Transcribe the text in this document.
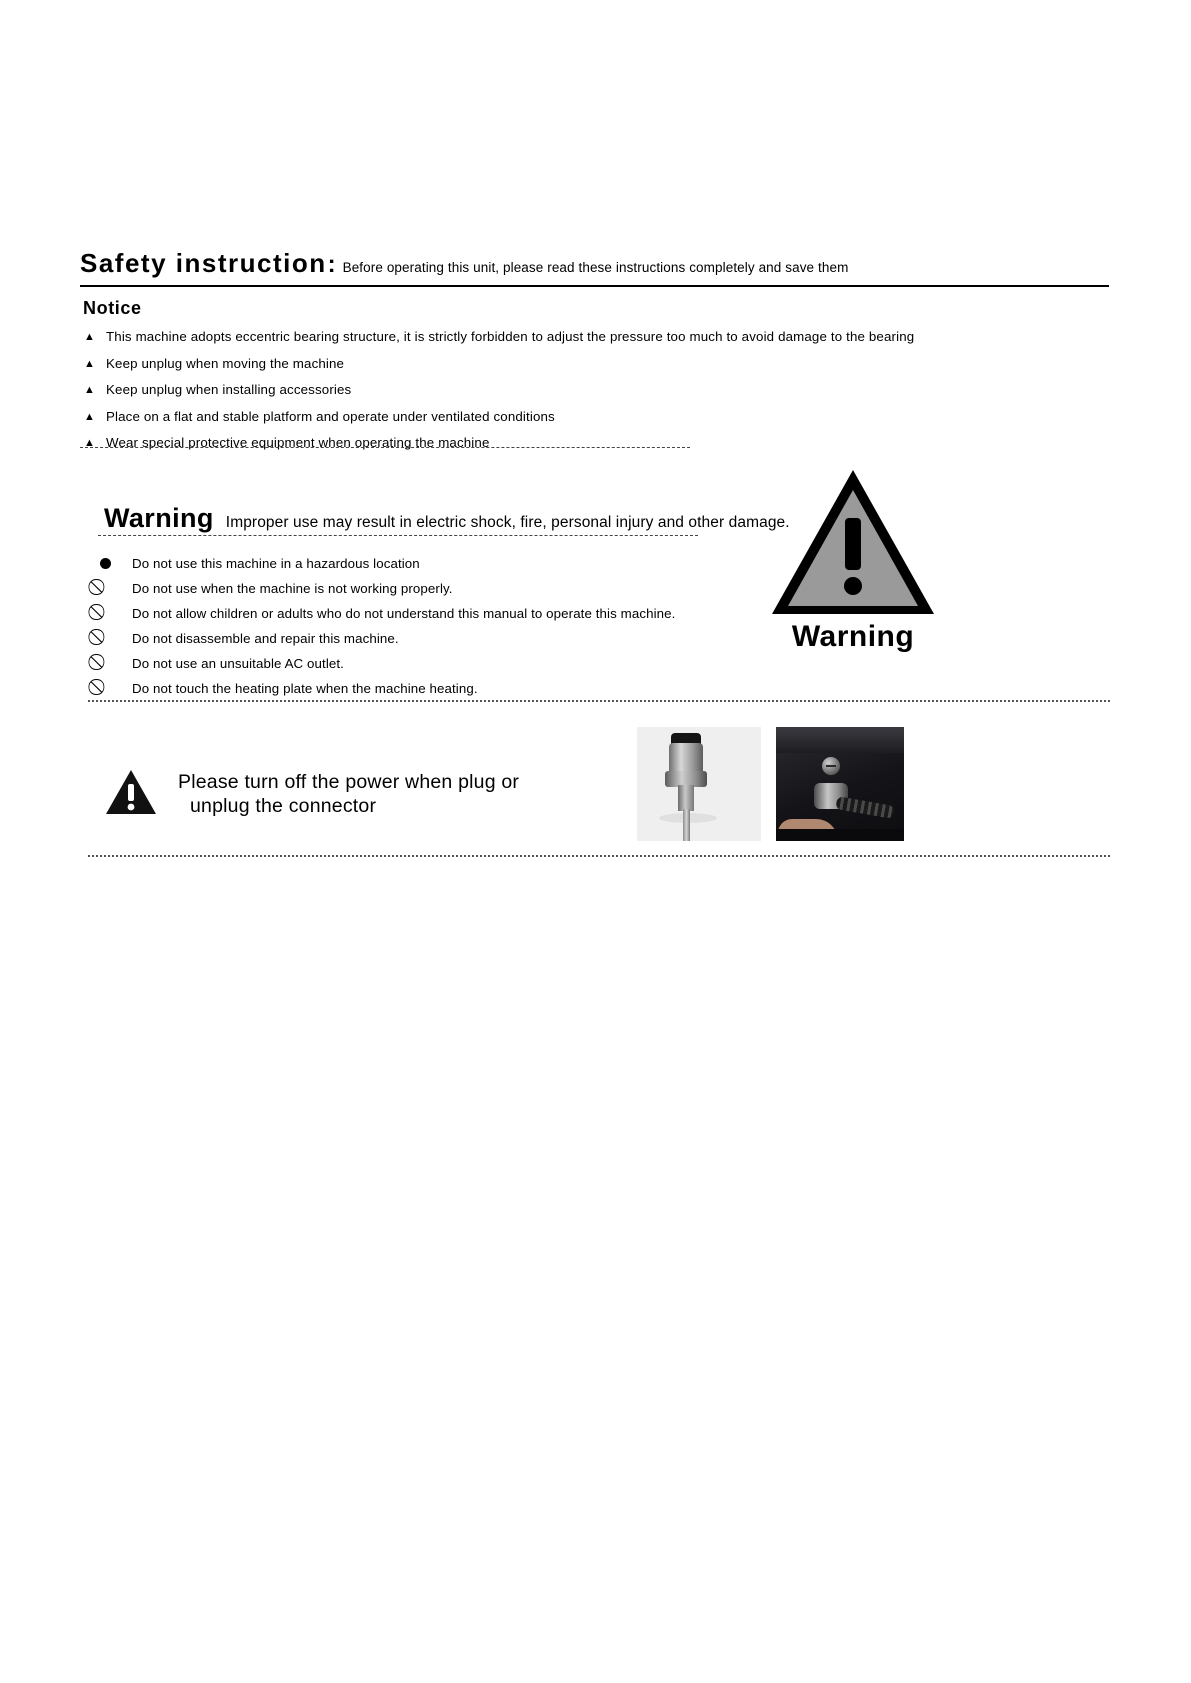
Safety instruction : Before operating this unit, please read these instructions completely and save them
Notice
▲ This machine adopts eccentric bearing structure, it is strictly forbidden to adjust the pressure too much to avoid damage to the bearing
▲ Keep unplug when moving the machine
▲ Keep unplug when installing accessories
▲ Place on a flat and stable platform and operate under ventilated conditions
▲ Wear special protective equipment when operating the machine
Warning Improper use may result in electric shock, fire, personal injury and other damage.
Do not use this machine in a hazardous location
Do not use when the machine is not working properly.
Do not allow children or adults who do not understand this manual to operate this machine.
Do not disassemble and repair this machine.
Do not use an unsuitable AC outlet.
Do not touch the heating plate when the machine heating.
Warning
Please turn off the power when plug or
unplug the connector
